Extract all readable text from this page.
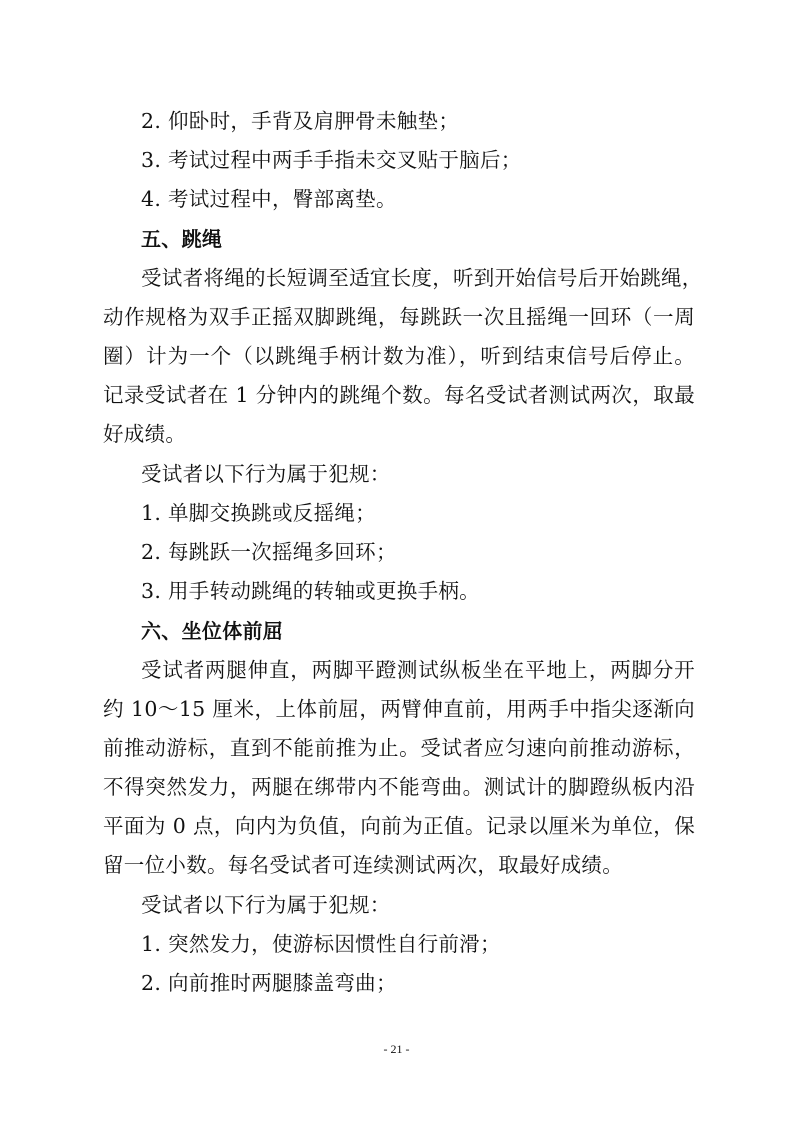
2. 仰卧时，手背及肩胛骨未触垫；
3. 考试过程中两手手指未交叉贴于脑后；
4. 考试过程中，臀部离垫。
五、跳绳
受试者将绳的长短调至适宜长度，听到开始信号后开始跳绳，
动作规格为双手正摇双脚跳绳，每跳跃一次且摇绳一回环（一周
圈）计为一个（以跳绳手柄计数为准），听到结束信号后停止。
记录受试者在 1 分钟内的跳绳个数。每名受试者测试两次，取最
好成绩。
受试者以下行为属于犯规：
1. 单脚交换跳或反摇绳；
2. 每跳跃一次摇绳多回环；
3. 用手转动跳绳的转轴或更换手柄。
六、坐位体前屈
受试者两腿伸直，两脚平蹬测试纵板坐在平地上，两脚分开
约 10～15 厘米，上体前屈，两臂伸直前，用两手中指尖逐渐向
前推动游标，直到不能前推为止。受试者应匀速向前推动游标，
不得突然发力，两腿在绑带内不能弯曲。测试计的脚蹬纵板内沿
平面为 0 点，向内为负值，向前为正值。记录以厘米为单位，保
留一位小数。每名受试者可连续测试两次，取最好成绩。
受试者以下行为属于犯规：
1. 突然发力，使游标因惯性自行前滑；
2. 向前推时两腿膝盖弯曲；
- 21 -
